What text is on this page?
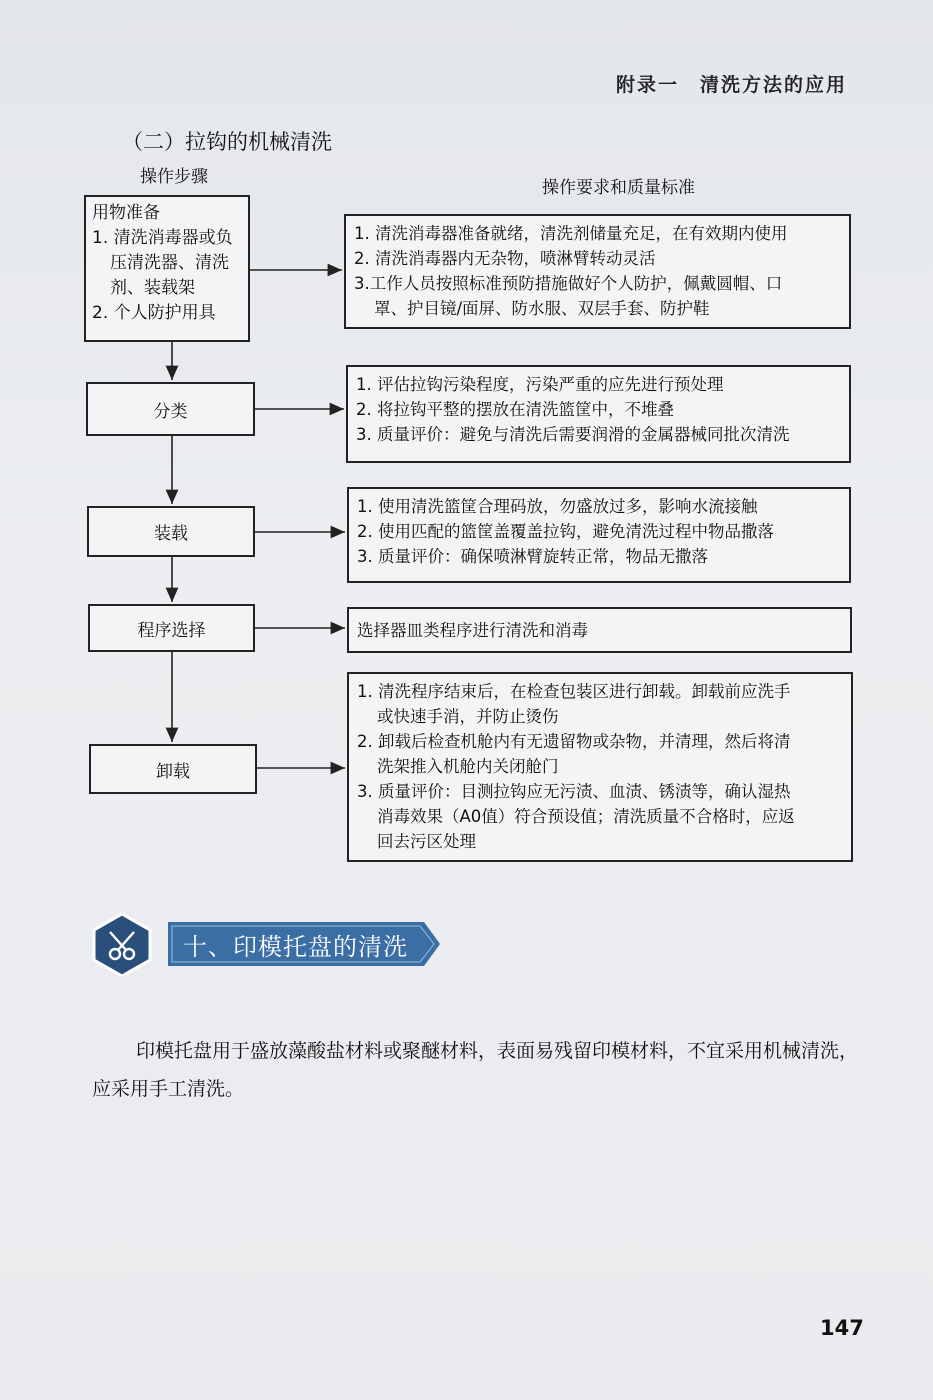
附录一　清洗方法的应用
（二）拉钩的机械清洗
操作步骤
操作要求和质量标准
用物准备
1. 清洗消毒器或负
压清洗器、清洗
剂、装载架
2. 个人防护用具
分类
装载
程序选择
卸载

1. 清洗消毒器准备就绪，清洗剂储量充足，在有效期内使用

2. 清洗消毒器内无杂物，喷淋臂转动灵活

3.工作人员按照标准预防措施做好个人防护，佩戴圆帽、口

罩、护目镜/面屏、防水服、双层手套、防护鞋

1. 评估拉钩污染程度，污染严重的应先进行预处理

2. 将拉钩平整的摆放在清洗篮筐中，不堆叠

3. 质量评价：避免与清洗后需要润滑的金属器械同批次清洗

1. 使用清洗篮筐合理码放，勿盛放过多，影响水流接触

2. 使用匹配的篮筐盖覆盖拉钩，避免清洗过程中物品撒落

3. 质量评价：确保喷淋臂旋转正常，物品无撒落

选择器皿类程序进行清洗和消毒

1. 清洗程序结束后，在检查包装区进行卸载。卸载前应洗手

或快速手消，并防止烫伤

2. 卸载后检查机舱内有无遗留物或杂物，并清理，然后将清

洗架推入机舱内关闭舱门

3. 质量评价：目测拉钩应无污渍、血渍、锈渍等，确认湿热

消毒效果（A0值）符合预设值；清洗质量不合格时，应返

回去污区处理

十、印模托盘的清洗
印模托盘用于盛放藻酸盐材料或聚醚材料，表面易残留印模材料，不宜采用机械清洗，应采用手工清洗。
147
